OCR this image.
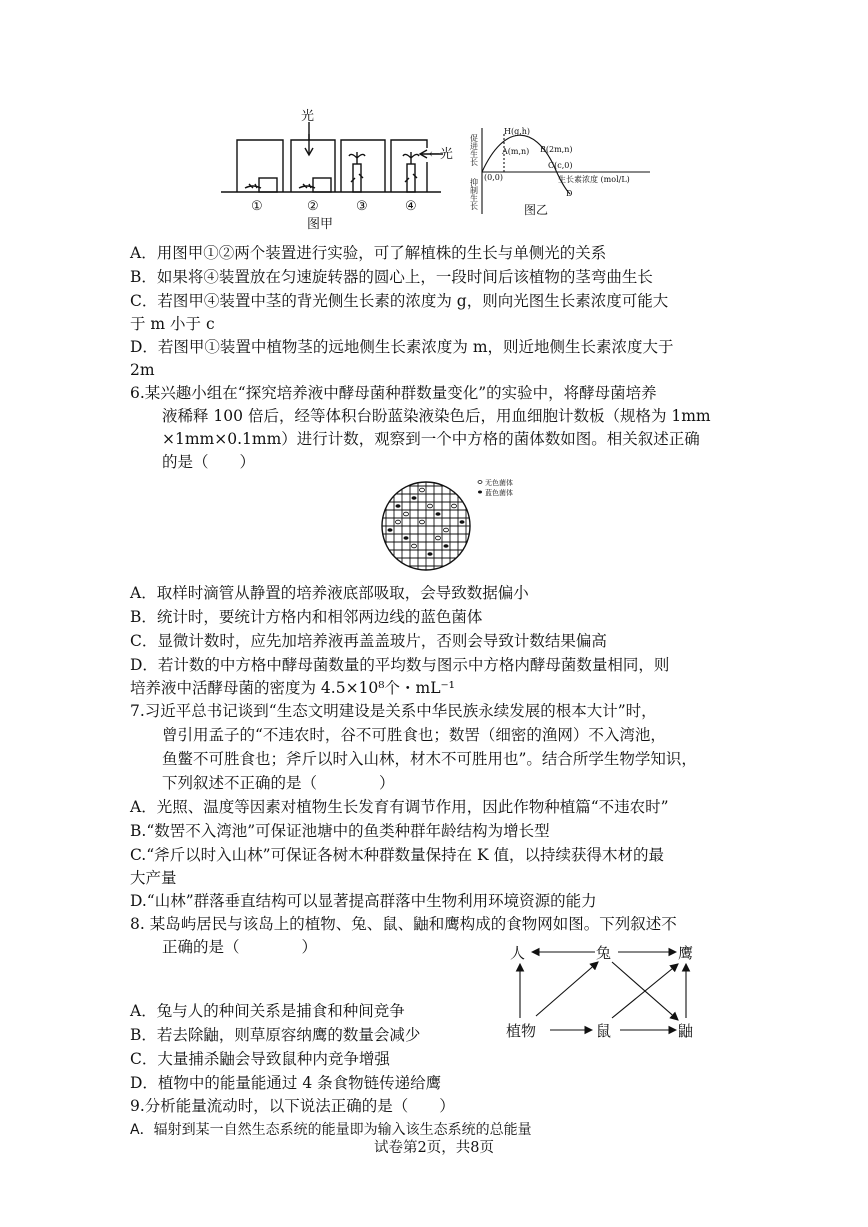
光
←光
①	②	③	④
图甲
促进生长
抑制生长
H(g,h)
A(m,n) B(2m,n)
C(c,0)
D
(0,0)	生长素浓度 (mol/L)
图乙
A．用图甲①②两个装置进行实验，可了解植株的生长与单侧光的关系
B．如果将④装置放在匀速旋转器的圆心上，一段时间后该植物的茎弯曲生长
C．若图甲④装置中茎的背光侧生长素的浓度为 g，则向光图生长素浓度可能大
于 m 小于 c
D．若图甲①装置中植物茎的远地侧生长素浓度为 m，则近地侧生长素浓度大于
2m
6.某兴趣小组在“探究培养液中酵母菌种群数量变化”的实验中，将酵母菌培养
液稀释 100 倍后，经等体积台盼蓝染液染色后，用血细胞计数板（规格为 1mm
×1mm×0.1mm）进行计数，观察到一个中方格的菌体数如图。相关叙述正确
的是（　　）
无色菌体
蓝色菌体
A．取样时滴管从静置的培养液底部吸取，会导致数据偏小
B．统计时，要统计方格内和相邻两边线的蓝色菌体
C．显微计数时，应先加培养液再盖盖玻片，否则会导致计数结果偏高
D．若计数的中方格中酵母菌数量的平均数与图示中方格内酵母菌数量相同，则
培养液中活酵母菌的密度为 4.5×10⁸个・mL⁻¹
7.习近平总书记谈到“生态文明建设是关系中华民族永续发展的根本大计”时，
曾引用孟子的“不违农时，谷不可胜食也；数罟（细密的渔网）不入湾池，
鱼鳖不可胜食也；斧斤以时入山林，材木不可胜用也”。结合所学生物学知识，
下列叙述不正确的是（　　　　）
A．光照、温度等因素对植物生长发育有调节作用，因此作物种植篇“不违农时”
B.“数罟不入湾池”可保证池塘中的鱼类种群年龄结构为增长型
C.“斧斤以时入山林”可保证各树木种群数量保持在 K 值，以持续获得木材的最
大产量
D.“山林”群落垂直结构可以显著提高群落中生物利用环境资源的能力
8. 某岛屿居民与该岛上的植物、兔、鼠、鼬和鹰构成的食物网如图。下列叙述不
正确的是（　　　　）
A．兔与人的种间关系是捕食和种间竞争
B．若去除鼬，则草原容纳鹰的数量会减少
C．大量捕杀鼬会导致鼠种内竞争增强
D．植物中的能量能通过 4 条食物链传递给鹰
人	兔	鹰
植物	鼠	鼬
9.分析能量流动时，以下说法正确的是（　　）
A．辐射到某一自然生态系统的能量即为输入该生态系统的总能量
试卷第2页，共8页
